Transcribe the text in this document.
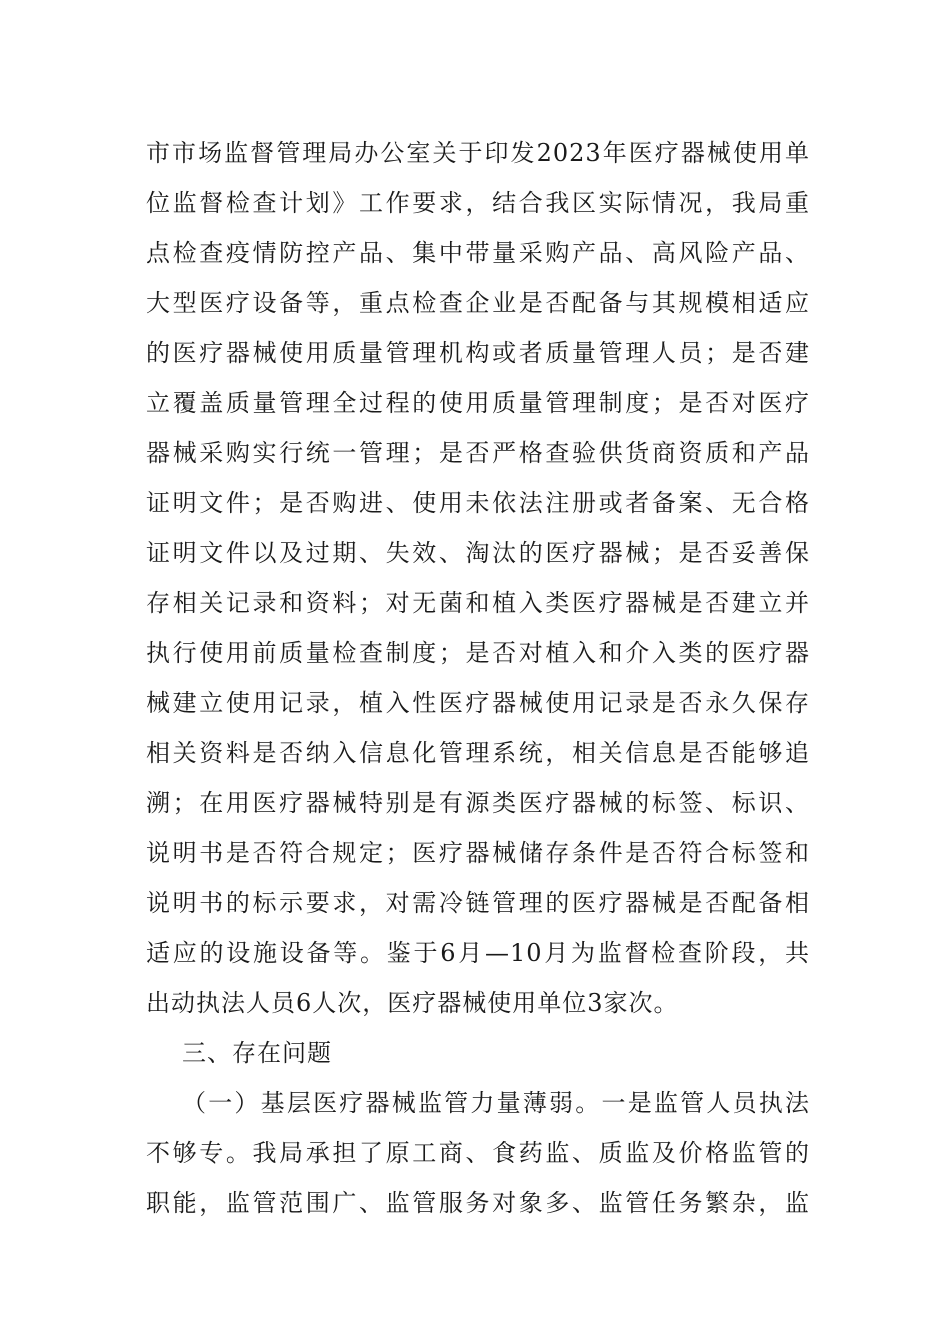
市市场监督管理局办公室关于印发2023年医疗器械使用单
位监督检查计划》工作要求，结合我区实际情况，我局重
点检查疫情防控产品、集中带量采购产品、高风险产品、
大型医疗设备等，重点检查企业是否配备与其规模相适应
的医疗器械使用质量管理机构或者质量管理人员；是否建
立覆盖质量管理全过程的使用质量管理制度；是否对医疗
器械采购实行统一管理；是否严格查验供货商资质和产品
证明文件；是否购进、使用未依法注册或者备案、无合格
证明文件以及过期、失效、淘汰的医疗器械；是否妥善保
存相关记录和资料；对无菌和植入类医疗器械是否建立并
执行使用前质量检查制度；是否对植入和介入类的医疗器
械建立使用记录，植入性医疗器械使用记录是否永久保存
相关资料是否纳入信息化管理系统，相关信息是否能够追
溯；在用医疗器械特别是有源类医疗器械的标签、标识、
说明书是否符合规定；医疗器械储存条件是否符合标签和
说明书的标示要求，对需冷链管理的医疗器械是否配备相
适应的设施设备等。鉴于6月—10月为监督检查阶段，共
出动执法人员6人次，医疗器械使用单位3家次。
三、存在问题
（一）基层医疗器械监管力量薄弱。一是监管人员执法
不够专。我局承担了原工商、食药监、质监及价格监管的
职能，监管范围广、监管服务对象多、监管任务繁杂，监
